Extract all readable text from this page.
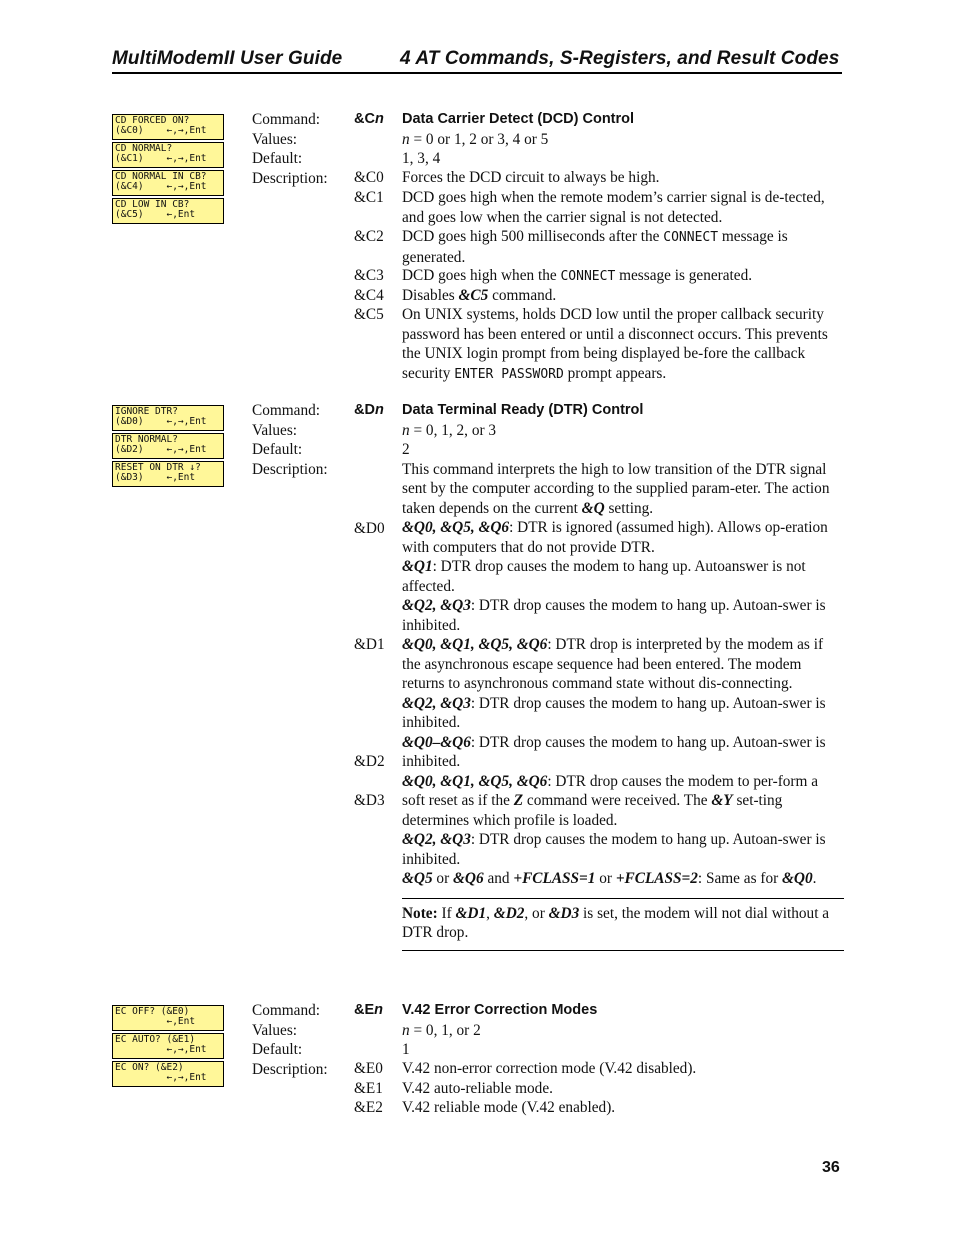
MultiModemII User Guide	4 AT Commands, S-Registers, and Result Codes
CD FORCED ON?
(&C0)    ←,→,Ent
CD NORMAL?
(&C1)    ←,→,Ent
CD NORMAL IN CB?
(&C4)    ←,→,Ent
CD LOW IN CB?
(&C5)    ←,Ent
Command:
Values:
Default:
Description:
&Cn Data Carrier Detect (DCD) Control
n = 0 or 1, 2 or 3, 4 or 5
1, 3, 4
&C0 Forces the DCD circuit to always be high.
&C1 DCD goes high when the remote modem’s carrier signal is de-tected, and goes low when the carrier signal is not detected.
&C2 DCD goes high 500 milliseconds after the CONNECT message is generated.
&C3 DCD goes high when the CONNECT message is generated.
&C4 Disables &C5 command.
&C5 On UNIX systems, holds DCD low until the proper callback security password has been entered or until a disconnect occurs. This prevents the UNIX login prompt from being displayed be-fore the callback security ENTER PASSWORD prompt appears.
IGNORE DTR?
(&D0)    ←,→,Ent
DTR NORMAL?
(&D2)    ←,→,Ent
RESET ON DTR ↓?
(&D3)    ←,Ent
Command:
Values:
Default:
Description:
&Dn Data Terminal Ready (DTR) Control
n = 0, 1, 2, or 3
2

This command interprets the high to low transition of the DTR signal sent by the computer according to the supplied param-eter. The action taken depends on the current &Q setting.

&Q0, &Q5, &Q6: DTR is ignored (assumed high). Allows op-eration with computers that do not provide DTR.

&Q1: DTR drop causes the modem to hang up. Autoanswer is not affected.

&Q2, &Q3: DTR drop causes the modem to hang up. Autoan-swer is inhibited.

&Q0, &Q1, &Q5, &Q6: DTR drop is interpreted by the modem as if the asynchronous escape sequence had been entered. The modem returns to asynchronous command state without dis-connecting.

&Q2, &Q3: DTR drop causes the modem to hang up. Autoan-swer is inhibited.

&Q0–&Q6: DTR drop causes the modem to hang up. Autoan-swer is inhibited.

&Q0, &Q1, &Q5, &Q6: DTR drop causes the modem to per-form a soft reset as if the Z command were received. The &Y set-ting determines which profile is loaded.

&Q2, &Q3: DTR drop causes the modem to hang up. Autoan-swer is inhibited.

&Q5 or &Q6 and +FCLASS=1 or +FCLASS=2: Same as for &Q0.

Note: If &D1, &D2, or &D3 is set, the modem will not dial without a DTR drop.
&D0
&D1
&D2
&D3
EC OFF? (&E0)
←,Ent
EC AUTO? (&E1)
←,→,Ent
EC ON? (&E2)
←,→,Ent
Command:
Values:
Default:
Description:
&En V.42 Error Correction Modes
n = 0, 1, or 2
1
&E0 V.42 non-error correction mode (V.42 disabled).
&E1 V.42 auto-reliable mode.
&E2 V.42 reliable mode (V.42 enabled).
36
